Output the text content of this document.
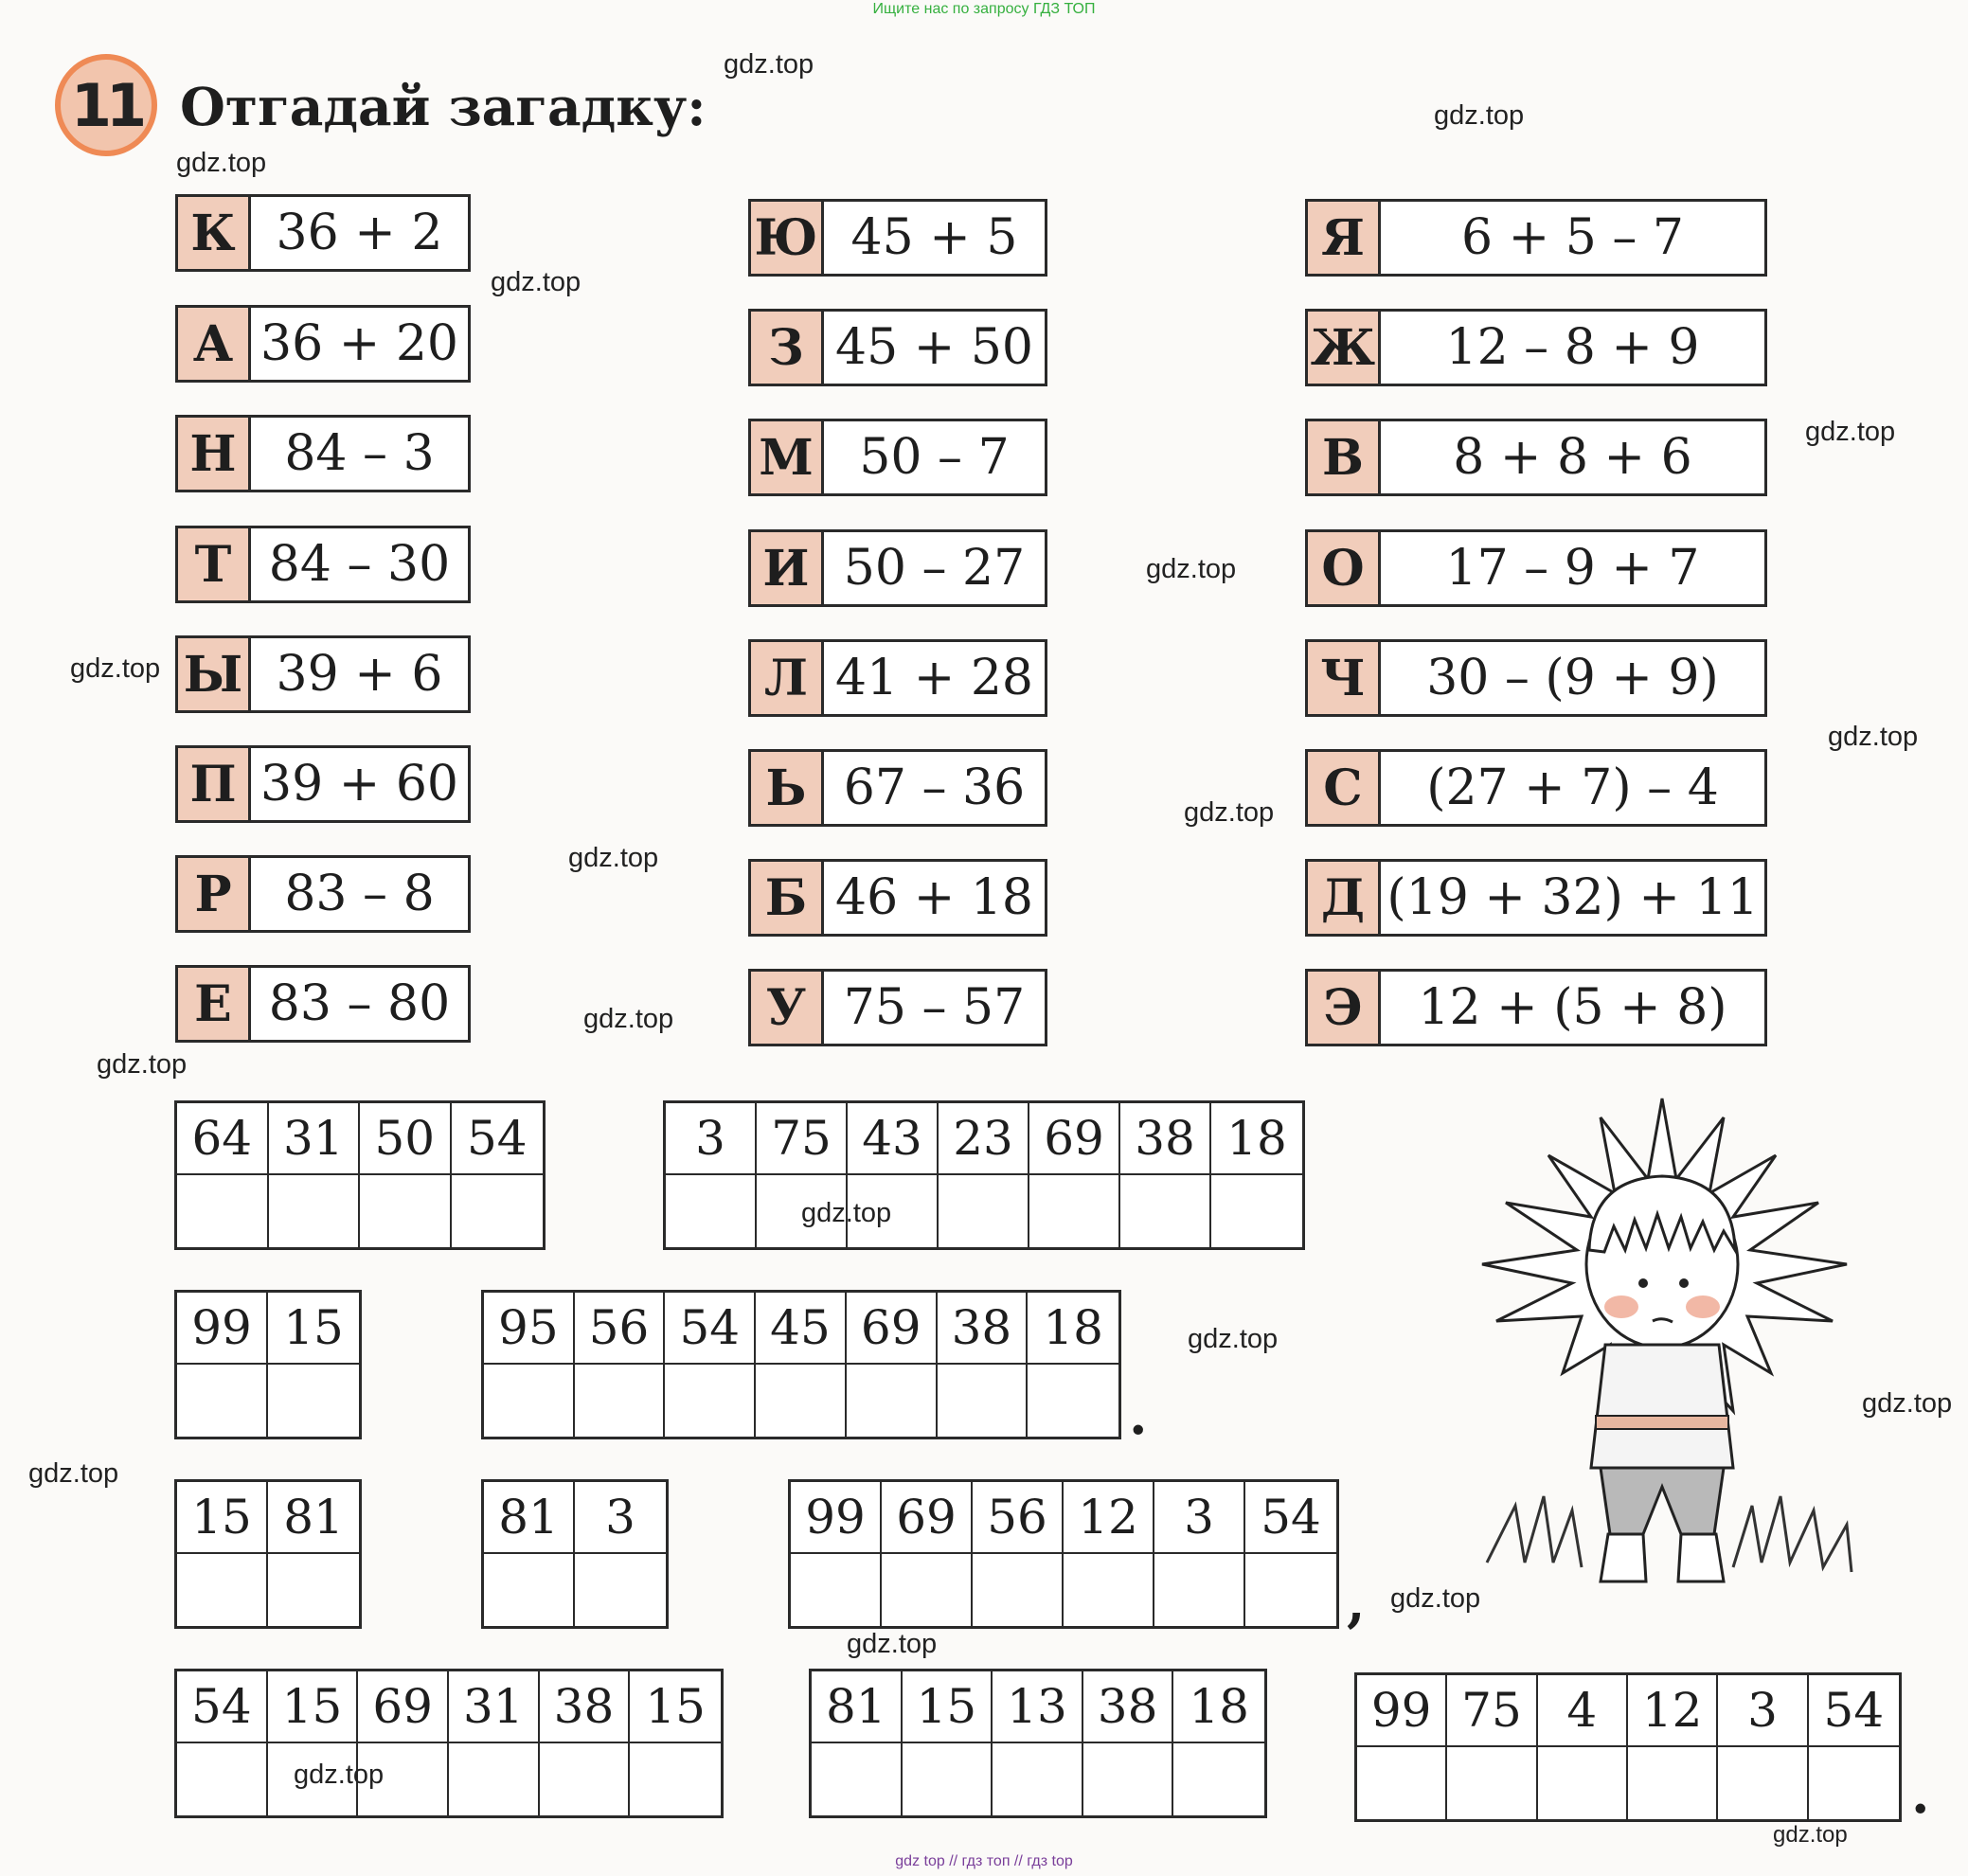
Ищите нас по запросу ГДЗ ТОП
11 Отгадай загадку:
К 36 + 2
А 36 + 20
Н 84 – 3
Т 84 – 30
Ы 39 + 6
П 39 + 60
Р	83 – 8
Е 83 – 80
Ю 45 + 5
З 45 + 50
М 50 – 7
И 50 – 27
Л 41 + 28
Ь 67 – 36
Б 46 + 18
У 75 – 57
Я	6 + 5 – 7
Ж	12 – 8 + 9
В	8 + 8 + 6
О	17 – 9 + 7
Ч	30 – (9 + 9)
С	(27 + 7) – 4
Д (19 + 32) + 11
Э	12 + (5 + 8)
64 31 50 54	3 75 43 23 69 38 18
99 15	95 56 54 45 69 38 18
15 81	81 3	99 69 56 12 3 54
54 15 69 31 38 15	81 15 13 38 18	99 75 4 12 3 54
.
,
.
gdz.top
gdz.top
gdz.top
gdz.top
gdz.top
gdz.top
gdz.top
gdz.top
gdz.top
gdz.top
gdz.top
gdz.top
gdz.top
gdz.top
gdz.top
gdz.top
gdz.top
gdz.top
gdz.top
gdz.top
gdz top // гдз топ // гдз top
